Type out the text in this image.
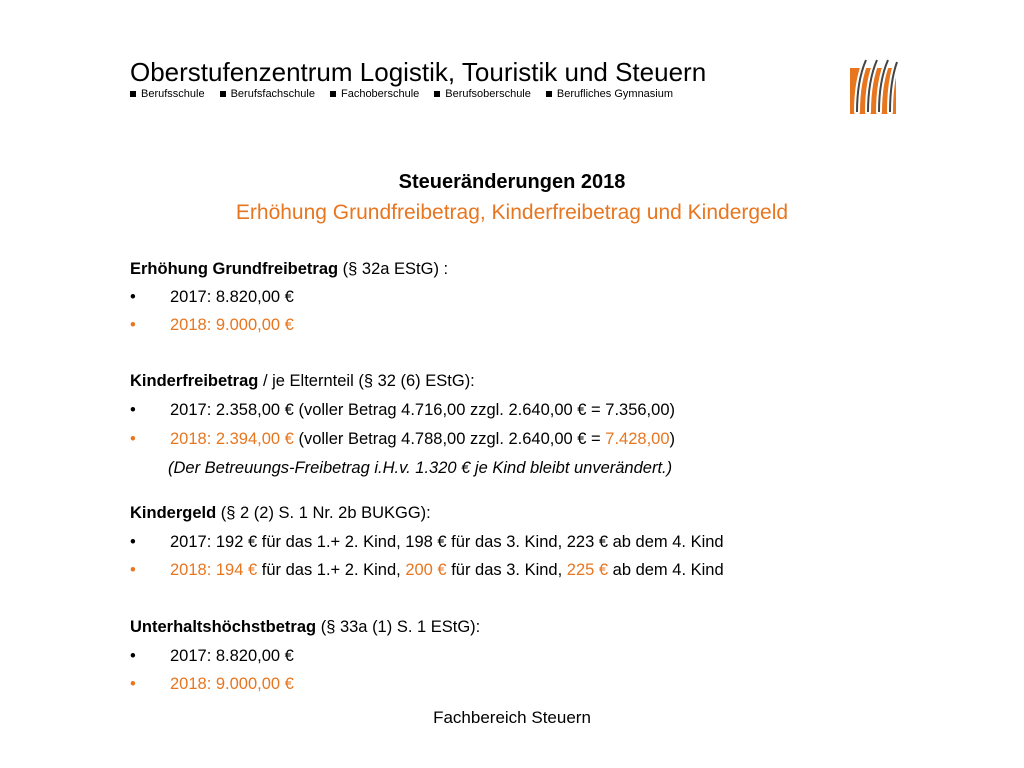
Oberstufenzentrum Logistik, Touristik und Steuern
Berufsschule Berufsfachschule Fachoberschule Berufsoberschule Berufliches Gymnasium
Steueränderungen 2018
Erhöhung Grundfreibetrag, Kinderfreibetrag und Kindergeld
Erhöhung Grundfreibetrag (§ 32a EStG) :
•	2017: 8.820,00 €
•	2018: 9.000,00 €
Kinderfreibetrag / je Elternteil (§ 32 (6) EStG):
•	2017: 2.358,00 € (voller Betrag 4.716,00 zzgl. 2.640,00 € = 7.356,00)
•	2018: 2.394,00 € (voller Betrag 4.788,00 zzgl. 2.640,00 € = 7.428,00)
(Der Betreuungs-Freibetrag i.H.v. 1.320 € je Kind bleibt unverändert.)
Kindergeld (§ 2 (2) S. 1 Nr. 2b BUKGG):
•	2017: 192 € für das 1.+ 2. Kind, 198 € für das 3. Kind, 223 € ab dem 4. Kind
•	2018: 194 € für das 1.+ 2. Kind, 200 € für das 3. Kind, 225 € ab dem 4. Kind
Unterhaltshöchstbetrag (§ 33a (1) S. 1 EStG):
•	2017: 8.820,00 €
•	2018: 9.000,00 €
Fachbereich Steuern
